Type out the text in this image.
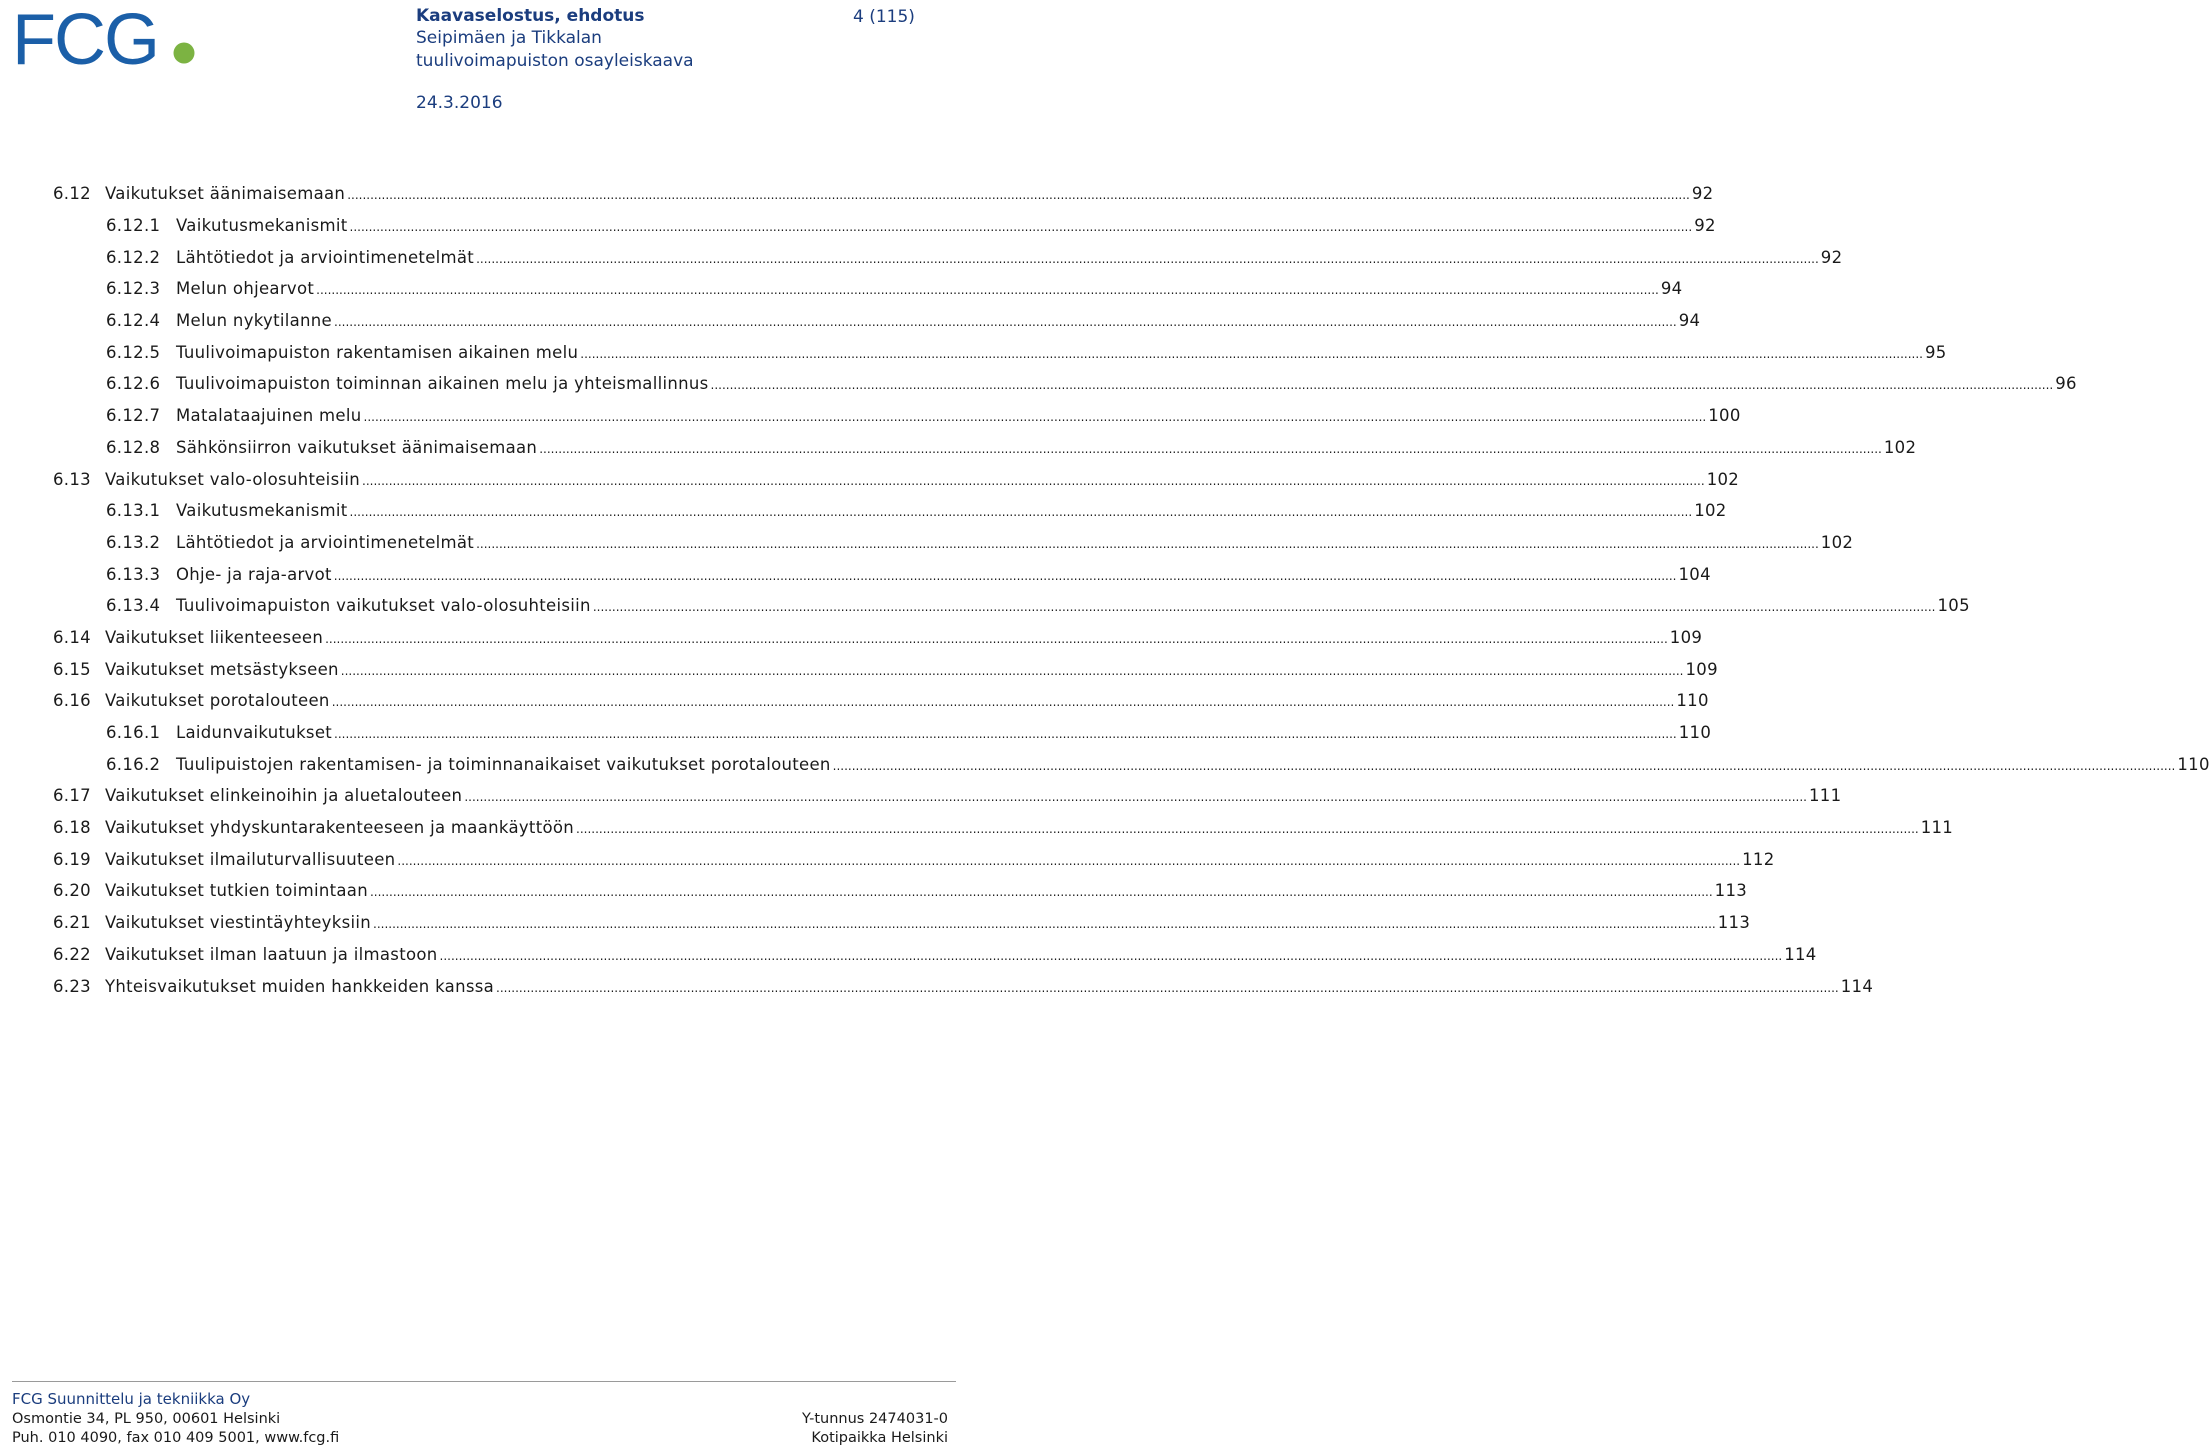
FCG	Kaavaselostus, ehdotus
Seipimäen ja Tikkalan
tuulivoimapuiston osayleiskaava
24.3.2016
4 (115)
6.12 Vaikutukset äänimaisemaan .....	92
6.12.1 Vaikutusmekanismit .....	92
6.12.2 Lähtötiedot ja arviointimenetelmät .....	92
6.12.3 Melun ohjearvot .....	94
6.12.4 Melun nykytilanne .....	94
6.12.5 Tuulivoimapuiston rakentamisen aikainen melu .....	95
6.12.6 Tuulivoimapuiston toiminnan aikainen melu ja yhteismallinnus .....	96
6.12.7 Matalataajuinen melu .....	100
6.12.8 Sähkönsiirron vaikutukset äänimaisemaan .....	102
6.13 Vaikutukset valo-olosuhteisiin .....	102
6.13.1 Vaikutusmekanismit .....	102
6.13.2 Lähtötiedot ja arviointimenetelmät .....	102
6.13.3 Ohje- ja raja-arvot .....	104
6.13.4 Tuulivoimapuiston vaikutukset valo-olosuhteisiin .....	105
6.14 Vaikutukset liikenteeseen .....	109
6.15 Vaikutukset metsästykseen .....	109
6.16 Vaikutukset porotalouteen .....	110
6.16.1 Laidunvaikutukset .....	110
6.16.2 Tuulipuistojen rakentamisen- ja toiminnanaikaiset vaikutukset porotalouteen .....	110
6.17 Vaikutukset elinkeinoihin ja aluetalouteen .....	111
6.18 Vaikutukset yhdyskuntarakenteeseen ja maankäyttöön .....	111
6.19 Vaikutukset ilmailuturvallisuuteen .....	112
6.20 Vaikutukset tutkien toimintaan .....	113
6.21 Vaikutukset viestintäyhteyksiin .....	113
6.22 Vaikutukset ilman laatuun ja ilmastoon .....	114
6.23 Yhteisvaikutukset muiden hankkeiden kanssa .....	114
FCG Suunnittelu ja tekniikka Oy
Osmontie 34, PL 950, 00601 Helsinki	Y-tunnus 2474031-0
Puh. 010 4090, fax 010 409 5001, www.fcg.fi	Kotipaikka Helsinki
